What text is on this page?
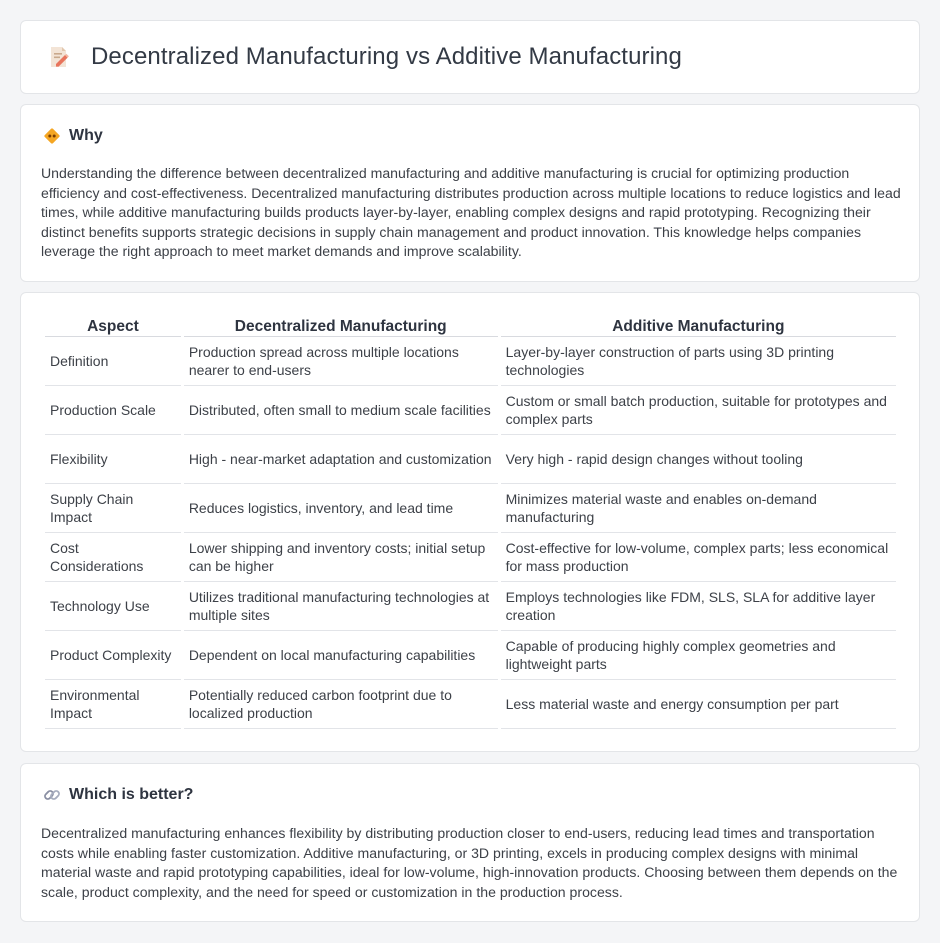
Decentralized Manufacturing vs Additive Manufacturing
Why

Understanding the difference between decentralized manufacturing and additive manufacturing is crucial for optimizing production efficiency and cost-effectiveness. Decentralized manufacturing distributes production across multiple locations to reduce logistics and lead times, while additive manufacturing builds products layer-by-layer, enabling complex designs and rapid prototyping. Recognizing their distinct benefits supports strategic decisions in supply chain management and product innovation. This knowledge helps companies leverage the right approach to meet market demands and improve scalability.

Aspect	Decentralized Manufacturing	Additive Manufacturing
Definition	Production spread across multiple locations nearer to end-users	Layer-by-layer construction of parts using 3D printing technologies
Production Scale	Distributed, often small to medium scale facilities	Custom or small batch production, suitable for prototypes and complex parts
Flexibility	High - near-market adaptation and customization	Very high - rapid design changes without tooling
Supply Chain Impact	Reduces logistics, inventory, and lead time	Minimizes material waste and enables on-demand manufacturing
Cost Considerations	Lower shipping and inventory costs; initial setup can be higher	Cost-effective for low-volume, complex parts; less economical for mass production
Technology Use	Utilizes traditional manufacturing technologies at multiple sites	Employs technologies like FDM, SLS, SLA for additive layer creation
Product Complexity	Dependent on local manufacturing capabilities	Capable of producing highly complex geometries and lightweight parts
Environmental Impact	Potentially reduced carbon footprint due to localized production	Less material waste and energy consumption per part
Which is better?

Decentralized manufacturing enhances flexibility by distributing production closer to end-users, reducing lead times and transportation costs while enabling faster customization. Additive manufacturing, or 3D printing, excels in producing complex designs with minimal material waste and rapid prototyping capabilities, ideal for low-volume, high-innovation products. Choosing between them depends on the scale, product complexity, and the need for speed or customization in the production process.
